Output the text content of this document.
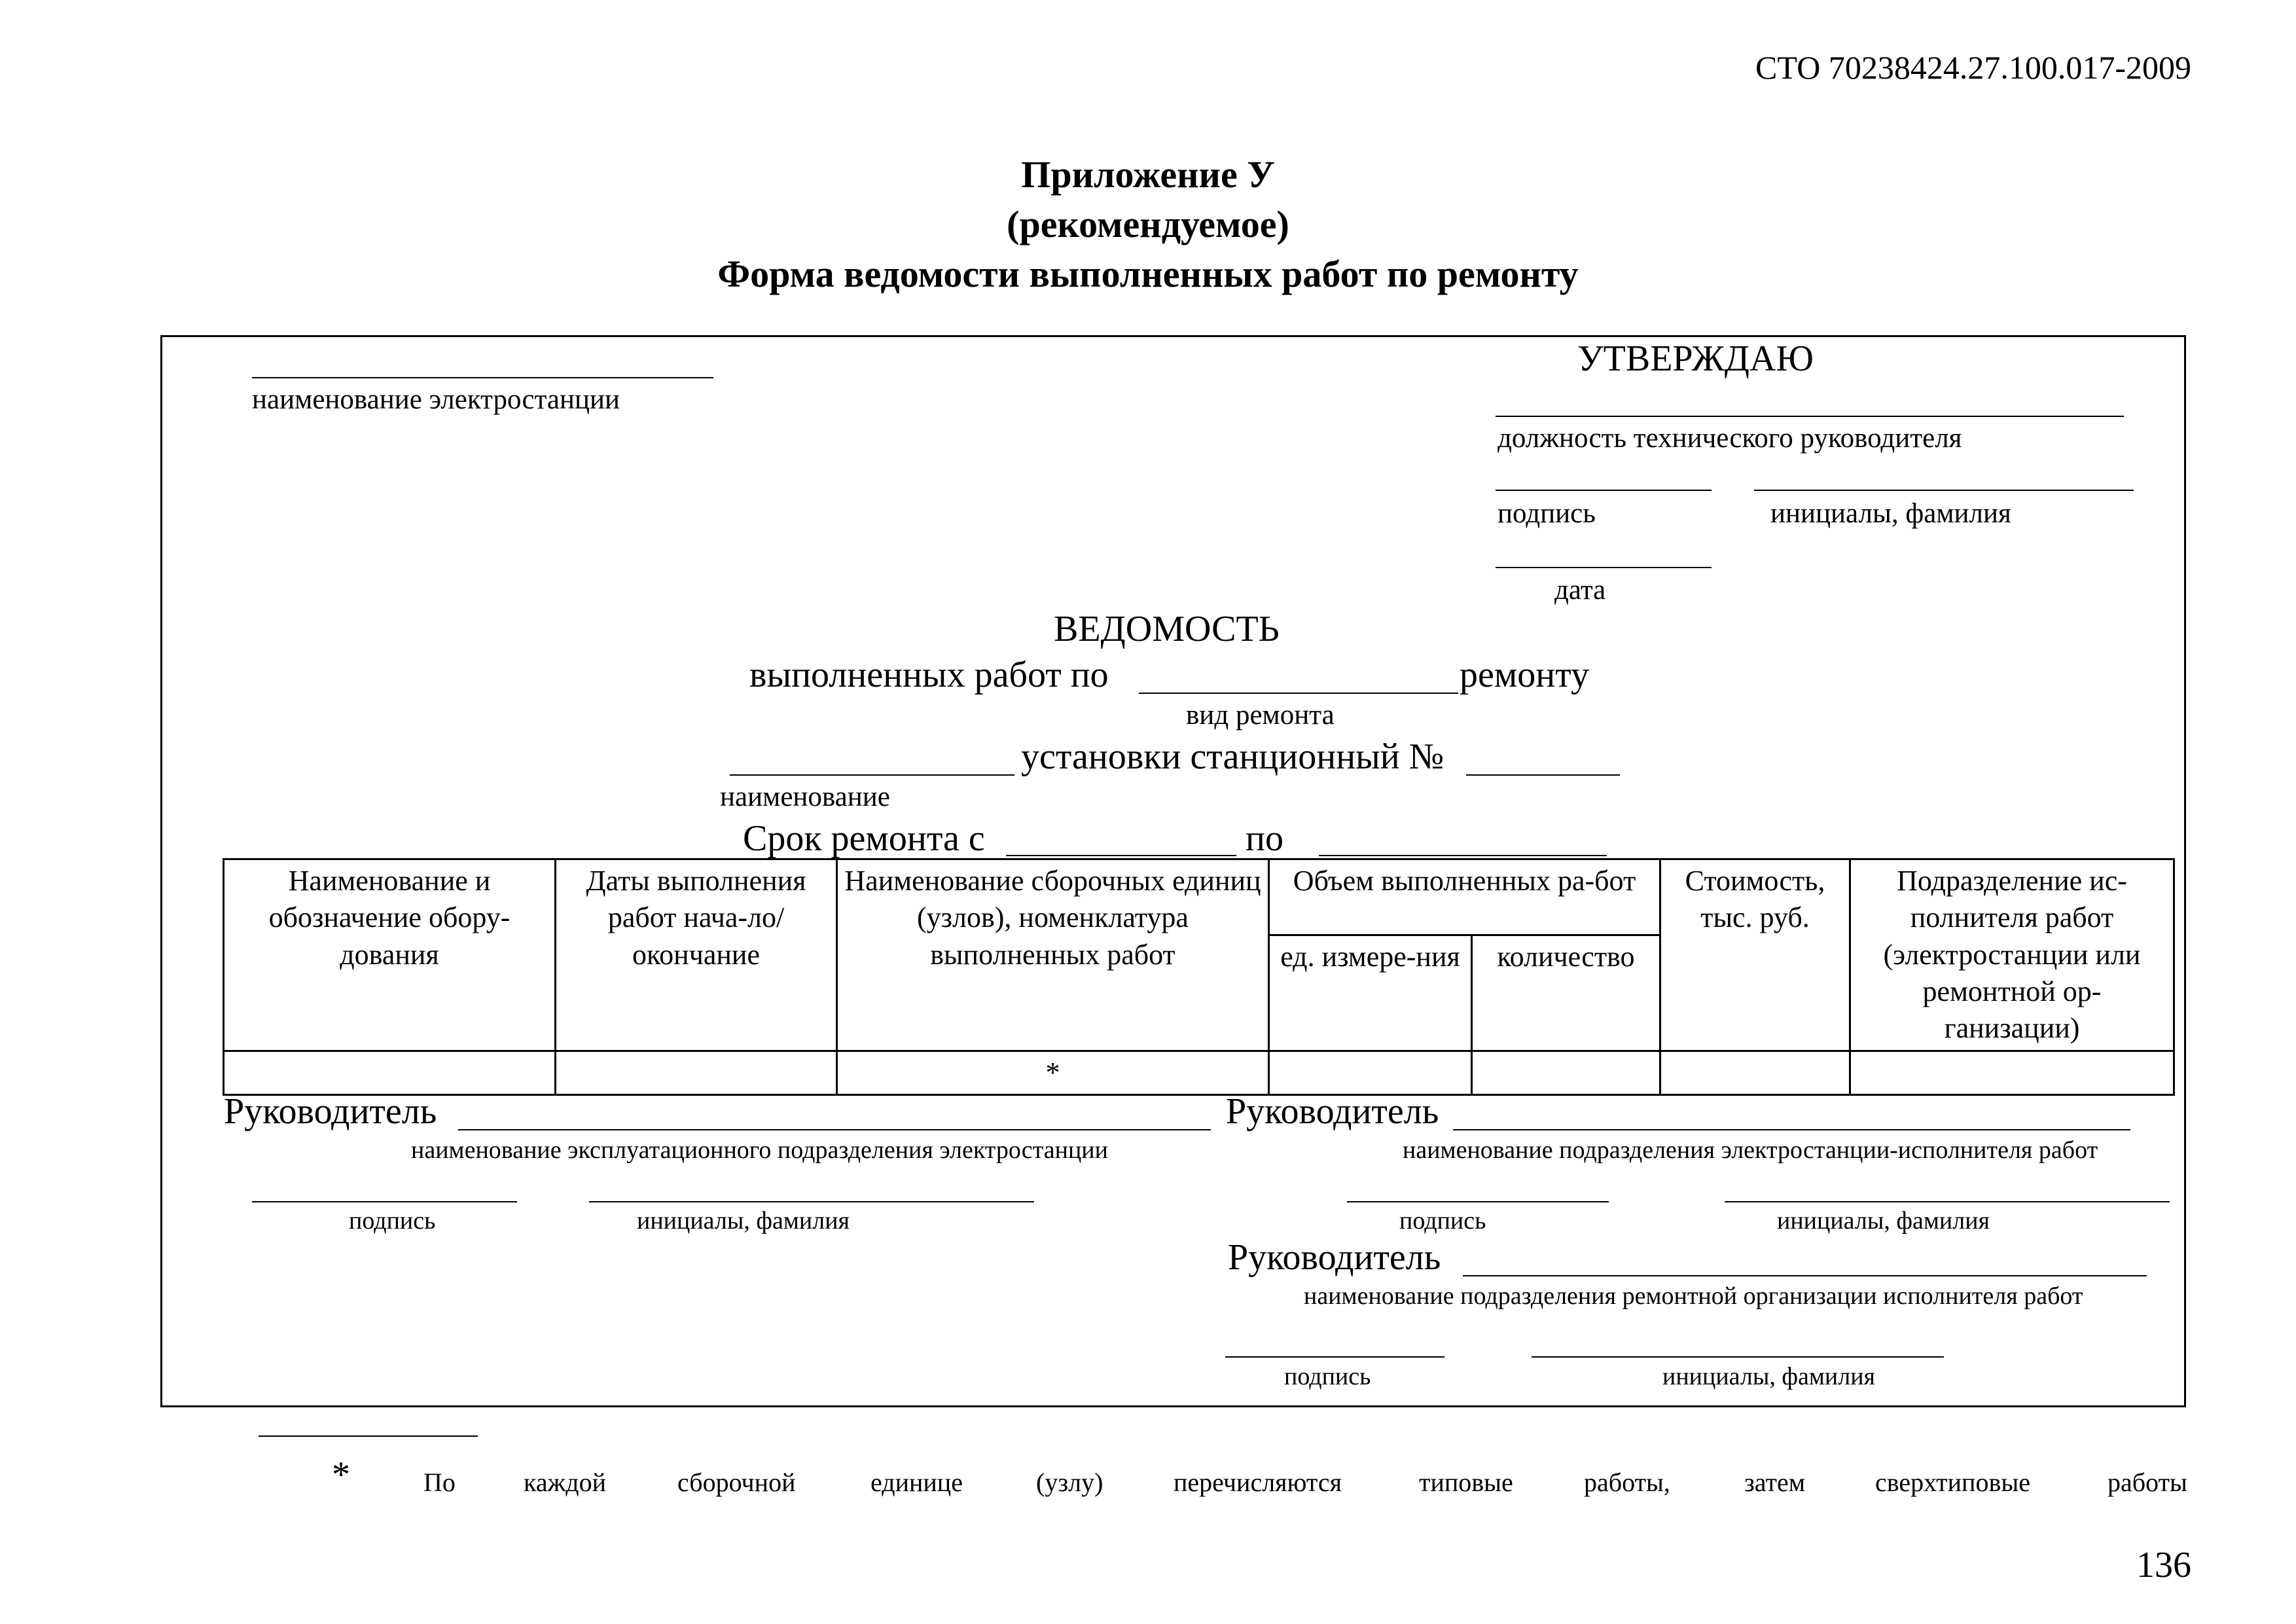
СТО 70238424.27.100.017-2009
Приложение У
(рекомендуемое)
Форма ведомости выполненных работ по ремонту
наименование электростанции
УТВЕРЖДАЮ
должность технического руководителя
подпись	инициалы, фамилия
дата
ВЕДОМОСТЬ
выполненных работ по	ремонту
вид ремонта
установки станционный №
наименование
Срок ремонта с	по
Наименование и обозначение обору-дования	Даты выполнения работ нача-ло/окончание	Наименование сборочных единиц (узлов), номенклатура выполненных работ	Объем выполненных ра-бот		Стоимость, тыс. руб.	Подразделение ис-полнителя работ (электростанции или ремонтной ор-ганизации)
			ед. измере-ния	количество		
		*				
Руководитель
наименование эксплуатационного подразделения электростанции
подпись	инициалы, фамилия
Руководитель
наименование подразделения электростанции-исполнителя работ
подпись	инициалы, фамилия
Руководитель
наименование подразделения ремонтной организации исполнителя работ
подпись	инициалы, фамилия
*	По	каждой	сборочной	единице	(узлу)	перечисляются	типовые	работы,	затем	сверхтиповые	работы
136
